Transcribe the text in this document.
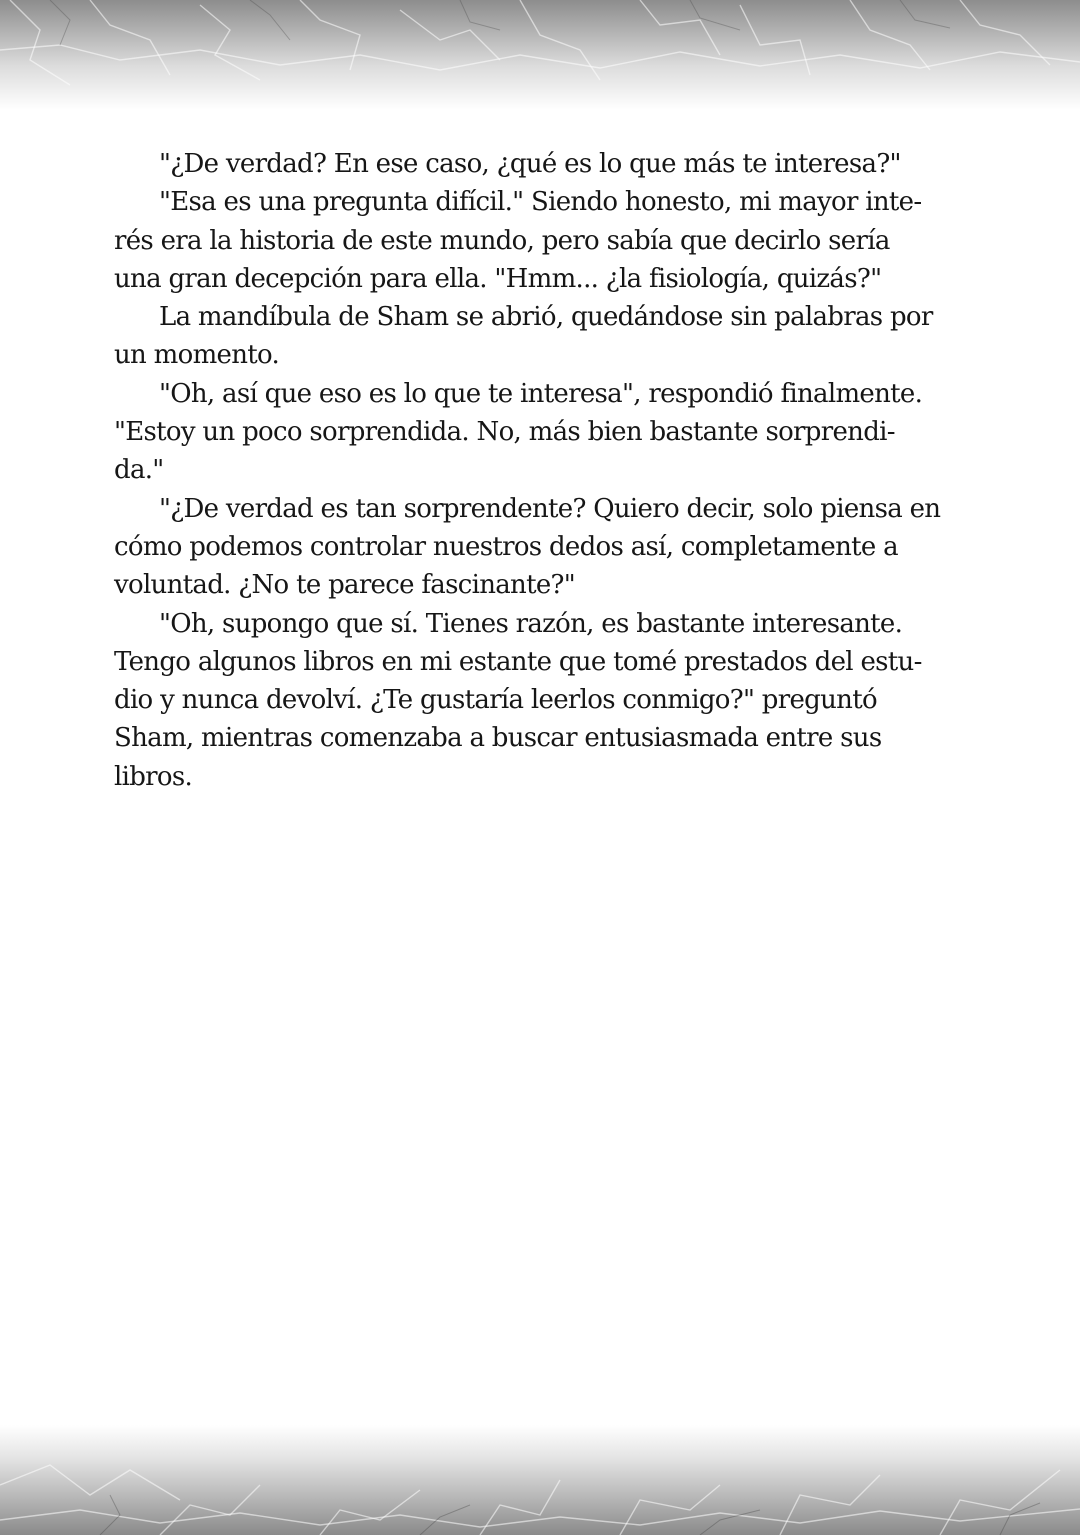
"¿De verdad? En ese caso, ¿qué es lo que más te interesa?"
"Esa es una pregunta difícil." Siendo honesto, mi mayor inte-
rés era la historia de este mundo, pero sabía que decirlo sería
una gran decepción para ella. "Hmm... ¿la fisiología, quizás?"
La mandíbula de Sham se abrió, quedándose sin palabras por
un momento.
"Oh, así que eso es lo que te interesa", respondió finalmente.
"Estoy un poco sorprendida. No, más bien bastante sorprendi-
da."
"¿De verdad es tan sorprendente? Quiero decir, solo piensa en
cómo podemos controlar nuestros dedos así, completamente a
voluntad. ¿No te parece fascinante?"
"Oh, supongo que sí. Tienes razón, es bastante interesante.
Tengo algunos libros en mi estante que tomé prestados del estu-
dio y nunca devolví. ¿Te gustaría leerlos conmigo?" preguntó
Sham, mientras comenzaba a buscar entusiasmada entre sus
libros.
